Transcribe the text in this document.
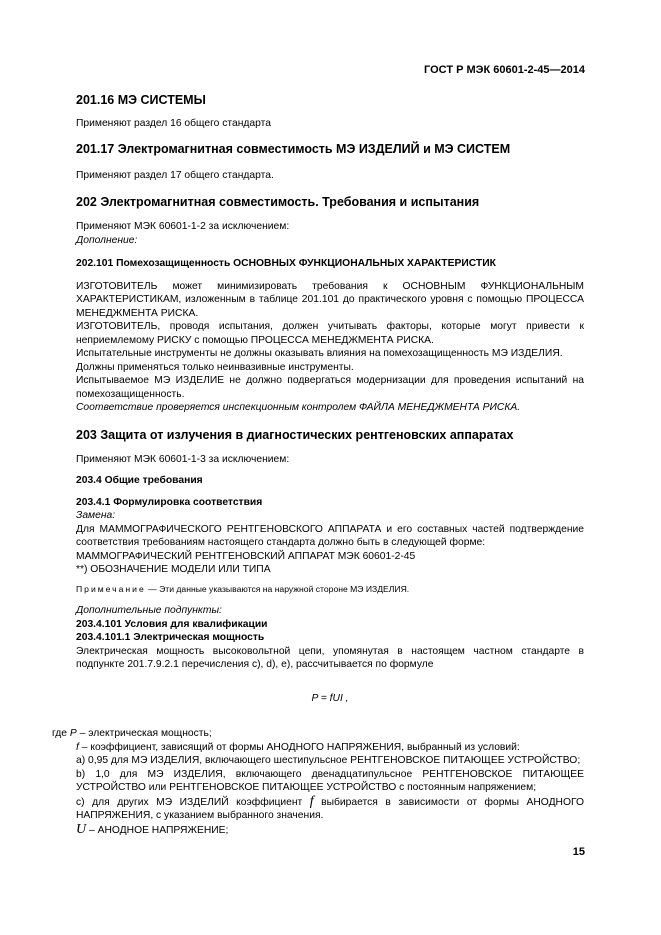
ГОСТ Р МЭК 60601-2-45—2014
201.16 МЭ СИСТЕМЫ

Применяют раздел 16 общего стандарта

201.17 Электромагнитная совместимость МЭ ИЗДЕЛИЙ и МЭ СИСТЕМ

Применяют раздел 17 общего стандарта.

202 Электромагнитная совместимость. Требования и испытания

Применяют МЭК 60601-1-2 за исключением:

Дополнение:

202.101 Помехозащищенность ОСНОВНЫХ ФУНКЦИОНАЛЬНЫХ ХАРАКТЕРИСТИК

ИЗГОТОВИТЕЛЬ может минимизировать требования к ОСНОВНЫМ ФУНКЦИОНАЛЬНЫМ ХАРАКТЕРИСТИКАМ, изложенным в таблице 201.101 до практического уровня с помощью ПРОЦЕССА МЕНЕДЖМЕНТА РИСКА.

ИЗГОТОВИТЕЛЬ, проводя испытания, должен учитывать факторы, которые могут привести к неприемлемому РИСКУ с помощью ПРОЦЕССА МЕНЕДЖМЕНТА РИСКА.

Испытательные инструменты не должны оказывать влияния на помехозащищенность МЭ ИЗДЕЛИЯ.

Должны применяться только неинвазивные инструменты.

Испытываемое МЭ ИЗДЕЛИЕ не должно подвергаться модернизации для проведения испытаний на помехозащищенность.

Соответствие проверяется инспекционным контролем ФАЙЛА МЕНЕДЖМЕНТА РИСКА.

203 Защита от излучения в диагностических рентгеновских аппаратах

Применяют МЭК 60601-1-3 за исключением:

203.4 Общие требования
203.4.1 Формулировка соответствия

Замена:

Для МАММОГРАФИЧЕСКОГО РЕНТГЕНОВСКОГО АППАРАТА и его составных частей подтверждение соответствия требованиям настоящего стандарта должно быть в следующей форме:

МАММОГРАФИЧЕСКИЙ РЕНТГЕНОВСКИЙ АППАРАТ МЭК 60601-2-45

**) ОБОЗНАЧЕНИЕ МОДЕЛИ ИЛИ ТИПА

Примечание — Эти данные указываются на наружной стороне МЭ ИЗДЕЛИЯ.

Дополнительные подпункты:

203.4.101 Условия для квалификации
203.4.101.1 Электрическая мощность

Электрическая мощность высоковольтной цепи, упомянутая в настоящем частном стандарте в подпункте 201.7.9.2.1 перечисления с), d), е), рассчитывается по формуле

P = fUI ,

где P – электрическая мощность;

f – коэффициент, зависящий от формы АНОДНОГО НАПРЯЖЕНИЯ, выбранный из условий:

а) 0,95 для МЭ ИЗДЕЛИЯ, включающего шестипульсное РЕНТГЕНОВСКОЕ ПИТАЮЩЕЕ УСТРОЙСТВО;

b) 1,0 для МЭ ИЗДЕЛИЯ, включающего двенадцатипульсное РЕНТГЕНОВСКОЕ ПИТАЮЩЕЕ УСТРОЙСТВО или РЕНТГЕНОВСКОЕ ПИТАЮЩЕЕ УСТРОЙСТВО с постоянным напряжением;

с) для других МЭ ИЗДЕЛИЙ коэффициент f выбирается в зависимости от формы АНОДНОГО НАПРЯЖЕНИЯ, с указанием выбранного значения.

U – АНОДНОЕ НАПРЯЖЕНИЕ;

15
